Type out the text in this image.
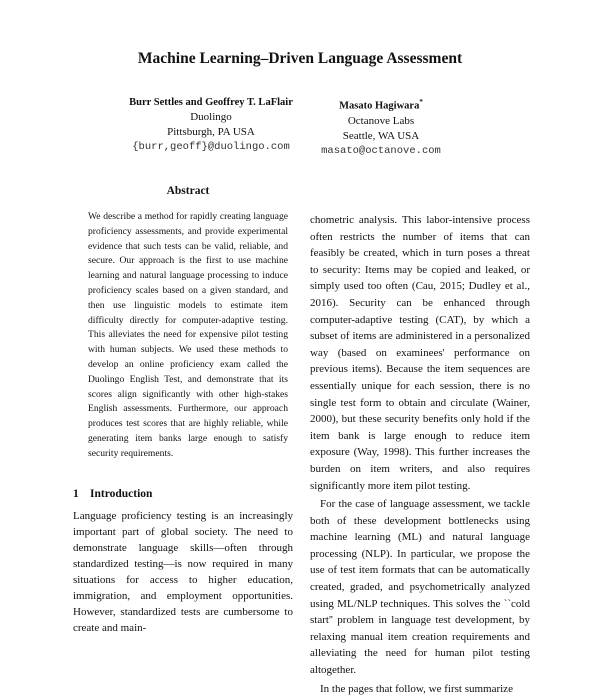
Machine Learning–Driven Language Assessment
Burr Settles and Geoffrey T. LaFlair
Duolingo
Pittsburgh, PA USA
{burr,geoff}@duolingo.com
Masato Hagiwara*
Octanove Labs
Seattle, WA USA
masato@octanove.com
Abstract
We describe a method for rapidly creating language proficiency assessments, and provide experimental evidence that such tests can be valid, reliable, and secure. Our approach is the first to use machine learning and natural language processing to induce proficiency scales based on a given standard, and then use linguistic models to estimate item difficulty directly for computer-adaptive testing. This alleviates the need for expensive pilot testing with human subjects. We used these methods to develop an online proficiency exam called the Duolingo English Test, and demonstrate that its scores align significantly with other high-stakes English assessments. Furthermore, our approach produces test scores that are highly reliable, while generating item banks large enough to satisfy security requirements.
1 Introduction

Language proficiency testing is an increasingly important part of global society. The need to demonstrate language skills—often through standardized testing—is now required in many situations for access to higher education, immigration, and employment opportunities. However, standardized tests are cumbersome to create and main-

chometric analysis. This labor-intensive process often restricts the number of items that can feasibly be created, which in turn poses a threat to security: Items may be copied and leaked, or simply used too often (Cau, 2015; Dudley et al., 2016). Security can be enhanced through computer-adaptive testing (CAT), by which a subset of items are administered in a personalized way (based on examinees' performance on previous items). Because the item sequences are essentially unique for each session, there is no single test form to obtain and circulate (Wainer, 2000), but these security benefits only hold if the item bank is large enough to reduce item exposure (Way, 1998). This further increases the burden on item writers, and also requires significantly more item pilot testing.

For the case of language assessment, we tackle both of these development bottlenecks using machine learning (ML) and natural language processing (NLP). In particular, we propose the use of test item formats that can be automatically created, graded, and psychometrically analyzed using ML/NLP techniques. This solves the ``cold start'' problem in language test development, by relaxing manual item creation requirements and alleviating the need for human pilot testing altogether.

In the pages that follow, we first summarize
